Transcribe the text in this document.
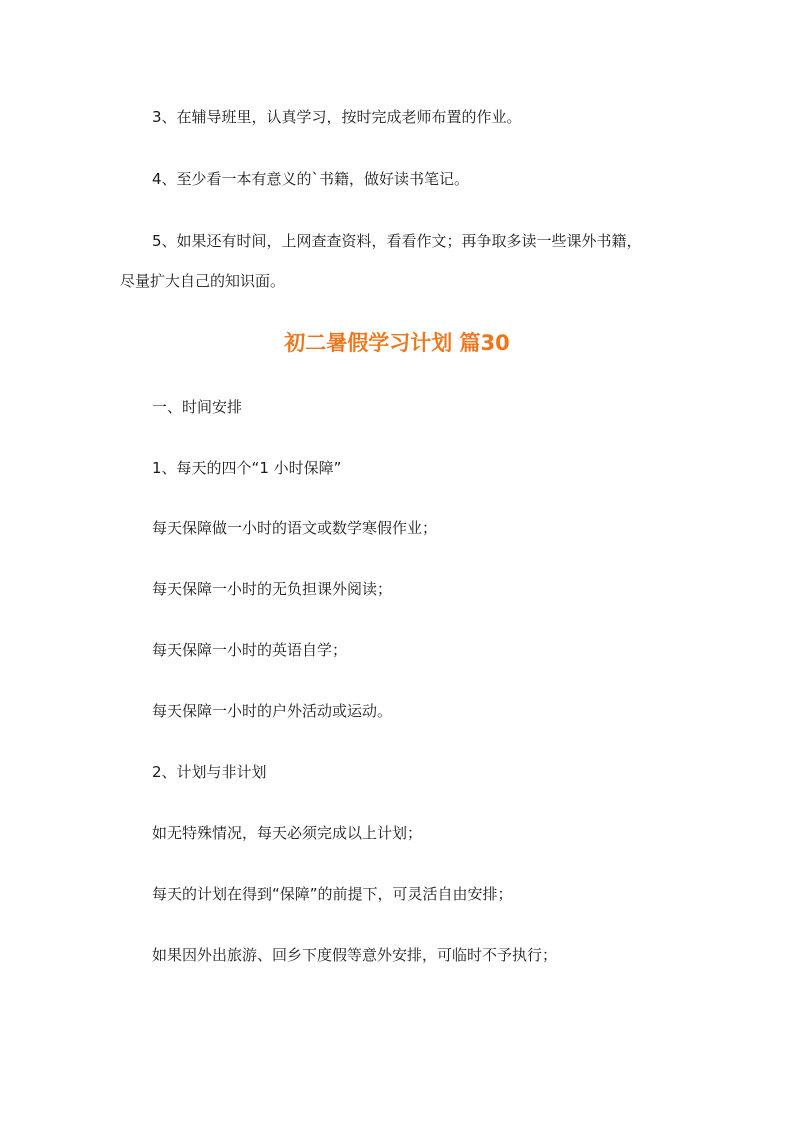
3、在辅导班里，认真学习，按时完成老师布置的作业。

4、至少看一本有意义的`书籍，做好读书笔记。

5、如果还有时间，上网查查资料，看看作文；再争取多读一些课外书籍，

尽量扩大自己的知识面。

初二暑假学习计划 篇30

一、时间安排

1、每天的四个“1 小时保障”

每天保障做一小时的语文或数学寒假作业；

每天保障一小时的无负担课外阅读；

每天保障一小时的英语自学；

每天保障一小时的户外活动或运动。

2、计划与非计划

如无特殊情况，每天必须完成以上计划；

每天的计划在得到“保障”的前提下，可灵活自由安排；

如果因外出旅游、回乡下度假等意外安排，可临时不予执行；
